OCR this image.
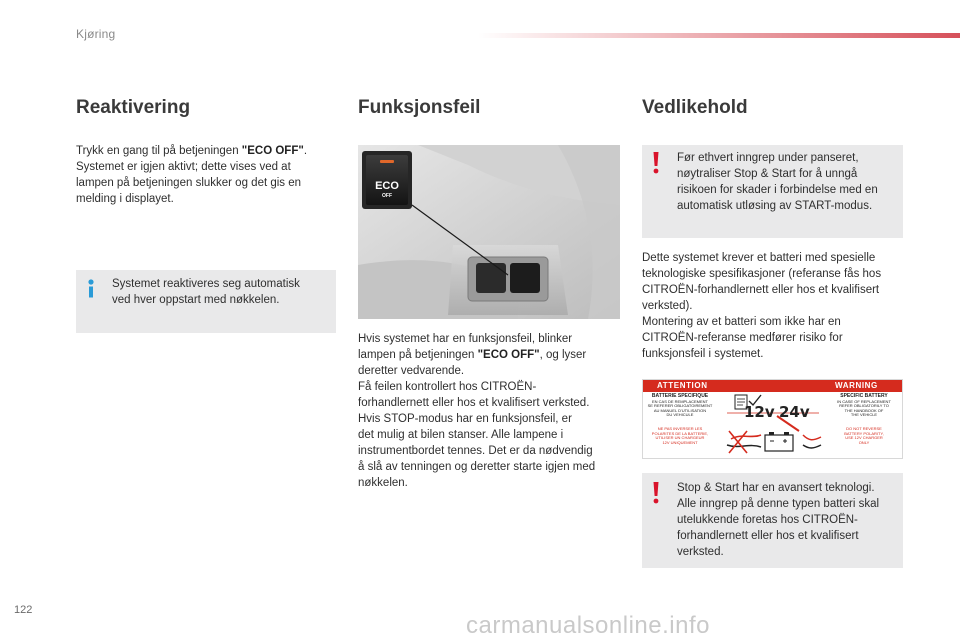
Kjøring
Reaktivering
Trykk en gang til på betjeningen "ECO OFF".
Systemet er igjen aktivt; dette vises ved at
lampen på betjeningen slukker og det gis en
melding i displayet.
Systemet reaktiveres seg automatisk
ved hver oppstart med nøkkelen.
Funksjonsfeil
ECO
OFF
Hvis systemet har en funksjonsfeil, blinker
lampen på betjeningen "ECO OFF", og lyser
deretter vedvarende.
Få feilen kontrollert hos CITROËN-
forhandlernett eller hos et kvalifisert verksted.
Hvis STOP-modus har en funksjonsfeil, er
det mulig at bilen stanser. Alle lampene i
instrumentbordet tennes. Det er da nødvendig
å slå av tenningen og deretter starte igjen med
nøkkelen.
Vedlikehold
Før ethvert inngrep under panseret,
nøytraliser Stop & Start for å unngå
risikoen for skader i forbindelse med en
automatisk utløsing av START-modus.
Dette systemet krever et batteri med spesielle
teknologiske spesifikasjoner (referanse fås hos
CITROËN-forhandlernett eller hos et kvalifisert
verksted).
Montering av et batteri som ikke har en
CITROËN-referanse medfører risiko for
funksjonsfeil i systemet.
ATTENTION	WARNING
BATTERIE SPECIFIQUE
EN CAS DE REMPLACEMENT
SE REFERER OBLIGATOIREMENT
AU MANUEL D'UTILISATION
DU VEHICULE
SPECIFIC BATTERY
IN CASE OF REPLACEMENT
REFER OBLIGATORILY TO
THE HANDBOOK OF
THE VEHICLE
NE PAS INVERSER LES
POLARITES DE LA BATTERIE,
UTILISER UN CHARGEUR
12V UNIQUEMENT
DO NOT REVERSE
BATTERY POLARITY,
USE 12V CHARGER
ONLY
12v 24v
Stop & Start har en avansert teknologi.
Alle inngrep på denne typen batteri skal
utelukkende foretas hos CITROËN-
forhandlernett eller hos et kvalifisert
verksted.
122
carmanualsonline.info
